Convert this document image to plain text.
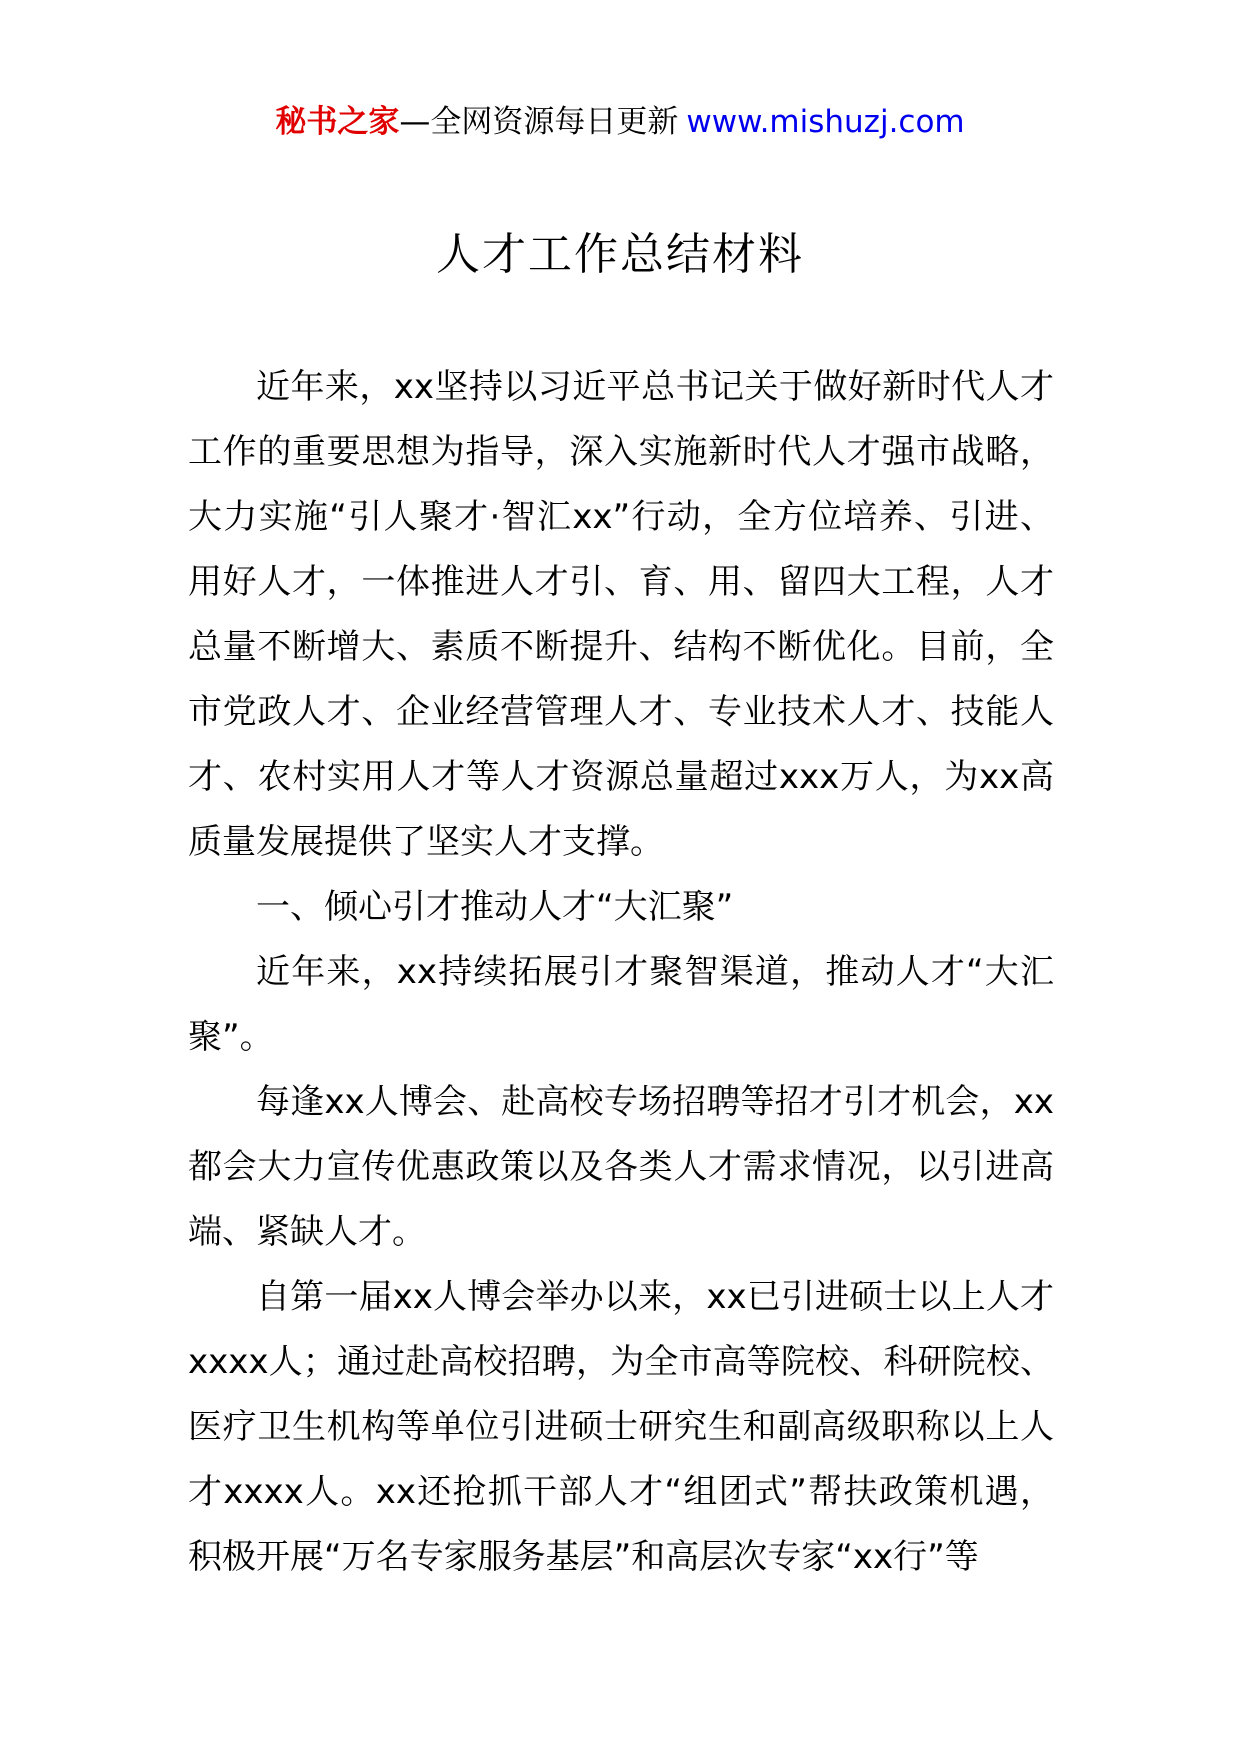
秘书之家—全网资源每日更新 www.mishuzj.com
人才工作总结材料

近年来，xx坚持以习近平总书记关于做好新时代人才工作的重要思想为指导，深入实施新时代人才强市战略，大力实施“引人聚才·智汇xx”行动，全方位培养、引进、用好人才，一体推进人才引、育、用、留四大工程，人才总量不断增大、素质不断提升、结构不断优化。目前，全市党政人才、企业经营管理人才、专业技术人才、技能人才、农村实用人才等人才资源总量超过xxx万人，为xx高质量发展提供了坚实人才支撑。

一、倾心引才推动人才“大汇聚”

近年来，xx持续拓展引才聚智渠道，推动人才“大汇聚”。

每逢xx人博会、赴高校专场招聘等招才引才机会，xx都会大力宣传优惠政策以及各类人才需求情况，以引进高端、紧缺人才。

自第一届xx人博会举办以来，xx已引进硕士以上人才xxxx人；通过赴高校招聘，为全市高等院校、科研院校、医疗卫生机构等单位引进硕士研究生和副高级职称以上人才xxxx人。xx还抢抓干部人才“组团式”帮扶政策机遇，积极开展“万名专家服务基层”和高层次专家“xx行”等
